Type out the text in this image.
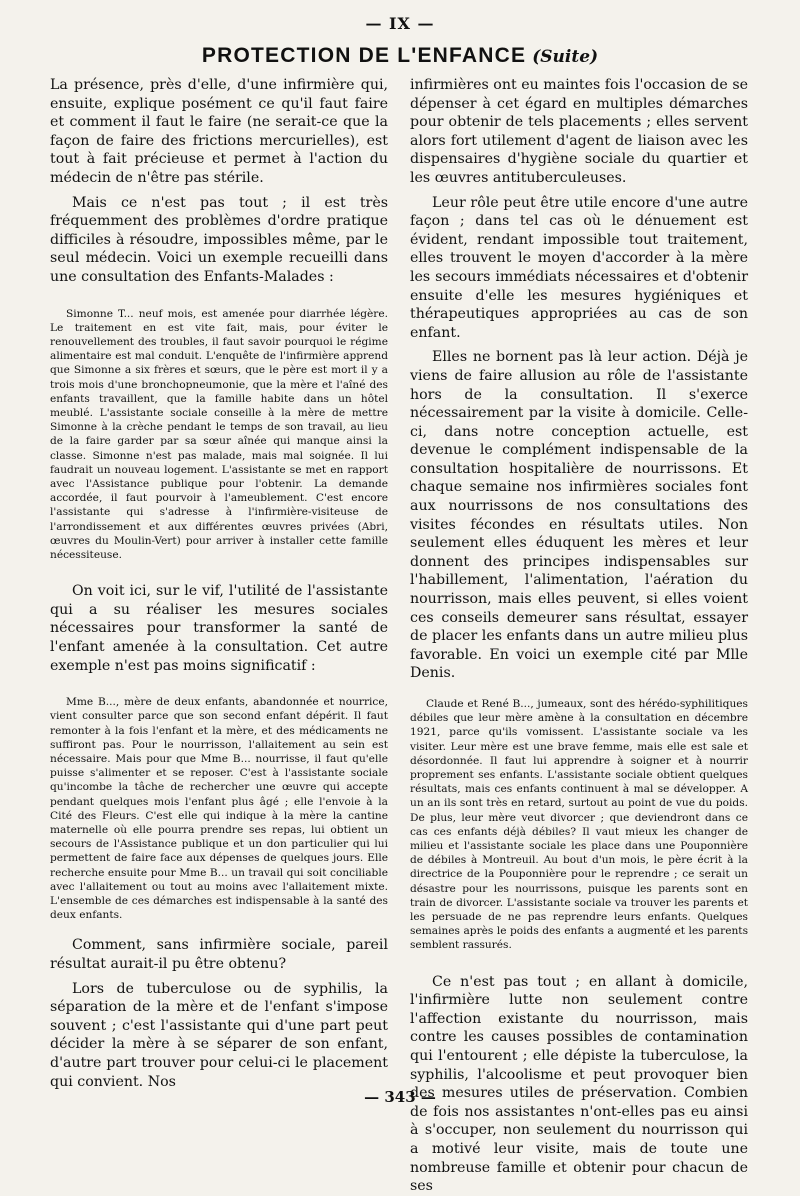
— IX —
PROTECTION DE L'ENFANCE (Suite)

La présence, près d'elle, d'une infirmière qui, ensuite, explique posément ce qu'il faut faire et comment il faut le faire (ne serait-ce que la façon de faire des frictions mercurielles), est tout à fait précieuse et permet à l'action du médecin de n'être pas stérile.

Mais ce n'est pas tout ; il est très fréquemment des problèmes d'ordre pratique difficiles à résoudre, impossibles même, par le seul médecin. Voici un exemple recueilli dans une consultation des Enfants-Malades :

Simonne T... neuf mois, est amenée pour diarrhée légère. Le traitement en est vite fait, mais, pour éviter le renouvellement des troubles, il faut savoir pourquoi le régime alimentaire est mal conduit. L'enquête de l'infirmière apprend que Simonne a six frères et sœurs, que le père est mort il y a trois mois d'une bronchopneumonie, que la mère et l'aîné des enfants travaillent, que la famille habite dans un hôtel meublé. L'assistante sociale conseille à la mère de mettre Simonne à la crèche pendant le temps de son travail, au lieu de la faire garder par sa sœur aînée qui manque ainsi la classe. Simonne n'est pas malade, mais mal soignée. Il lui faudrait un nouveau logement. L'assistante se met en rapport avec l'Assistance publique pour l'obtenir. La demande accordée, il faut pourvoir à l'ameublement. C'est encore l'assistante qui s'adresse à l'infirmière-visiteuse de l'arrondissement et aux différentes œuvres privées (Abri, œuvres du Moulin-Vert) pour arriver à installer cette famille nécessiteuse.

On voit ici, sur le vif, l'utilité de l'assistante qui a su réaliser les mesures sociales nécessaires pour transformer la santé de l'enfant amenée à la consultation. Cet autre exemple n'est pas moins significatif :

Mme B..., mère de deux enfants, abandonnée et nourrice, vient consulter parce que son second enfant dépérit. Il faut remonter à la fois l'enfant et la mère, et des médicaments ne suffiront pas. Pour le nourrisson, l'allaitement au sein est nécessaire. Mais pour que Mme B... nourrisse, il faut qu'elle puisse s'alimenter et se reposer. C'est à l'assistante sociale qu'incombe la tâche de rechercher une œuvre qui accepte pendant quelques mois l'enfant plus âgé ; elle l'envoie à la Cité des Fleurs. C'est elle qui indique à la mère la cantine maternelle où elle pourra prendre ses repas, lui obtient un secours de l'Assistance publique et un don particulier qui lui permettent de faire face aux dépenses de quelques jours. Elle recherche ensuite pour Mme B... un travail qui soit conciliable avec l'allaitement ou tout au moins avec l'allaitement mixte. L'ensemble de ces démarches est indispensable à la santé des deux enfants.

Comment, sans infirmière sociale, pareil résultat aurait-il pu être obtenu?

Lors de tuberculose ou de syphilis, la séparation de la mère et de l'enfant s'impose souvent ; c'est l'assistante qui d'une part peut décider la mère à se séparer de son enfant, d'autre part trouver pour celui-ci le placement qui convient. Nos

infirmières ont eu maintes fois l'occasion de se dépenser à cet égard en multiples démarches pour obtenir de tels placements ; elles servent alors fort utilement d'agent de liaison avec les dispensaires d'hygiène sociale du quartier et les œuvres antituberculeuses.

Leur rôle peut être utile encore d'une autre façon ; dans tel cas où le dénuement est évident, rendant impossible tout traitement, elles trouvent le moyen d'accorder à la mère les secours immédiats nécessaires et d'obtenir ensuite d'elle les mesures hygiéniques et thérapeutiques appropriées au cas de son enfant.

Elles ne bornent pas là leur action. Déjà je viens de faire allusion au rôle de l'assistante hors de la consultation. Il s'exerce nécessairement par la visite à domicile. Celle-ci, dans notre conception actuelle, est devenue le complément indispensable de la consultation hospitalière de nourrissons. Et chaque semaine nos infirmières sociales font aux nourrissons de nos consultations des visites fécondes en résultats utiles. Non seulement elles éduquent les mères et leur donnent des principes indispensables sur l'habillement, l'alimentation, l'aération du nourrisson, mais elles peuvent, si elles voient ces conseils demeurer sans résultat, essayer de placer les enfants dans un autre milieu plus favorable. En voici un exemple cité par Mlle Denis.

Claude et René B..., jumeaux, sont des hérédo-syphilitiques débiles que leur mère amène à la consultation en décembre 1921, parce qu'ils vomissent. L'assistante sociale va les visiter. Leur mère est une brave femme, mais elle est sale et désordonnée. Il faut lui apprendre à soigner et à nourrir proprement ses enfants. L'assistante sociale obtient quelques résultats, mais ces enfants continuent à mal se développer. A un an ils sont très en retard, surtout au point de vue du poids. De plus, leur mère veut divorcer ; que deviendront dans ce cas ces enfants déjà débiles? Il vaut mieux les changer de milieu et l'assistante sociale les place dans une Pouponnière de débiles à Montreuil. Au bout d'un mois, le père écrit à la directrice de la Pouponnière pour le reprendre ; ce serait un désastre pour les nourrissons, puisque les parents sont en train de divorcer. L'assistante sociale va trouver les parents et les persuade de ne pas reprendre leurs enfants. Quelques semaines après le poids des enfants a augmenté et les parents semblent rassurés.

Ce n'est pas tout ; en allant à domicile, l'infirmière lutte non seulement contre l'affection existante du nourrisson, mais contre les causes possibles de contamination qui l'entourent ; elle dépiste la tuberculose, la syphilis, l'alcoolisme et peut provoquer bien des mesures utiles de préservation. Combien de fois nos assistantes n'ont-elles pas eu ainsi à s'occuper, non seulement du nourrisson qui a motivé leur visite, mais de toute une nombreuse famille et obtenir pour chacun de ses

— 343 —
